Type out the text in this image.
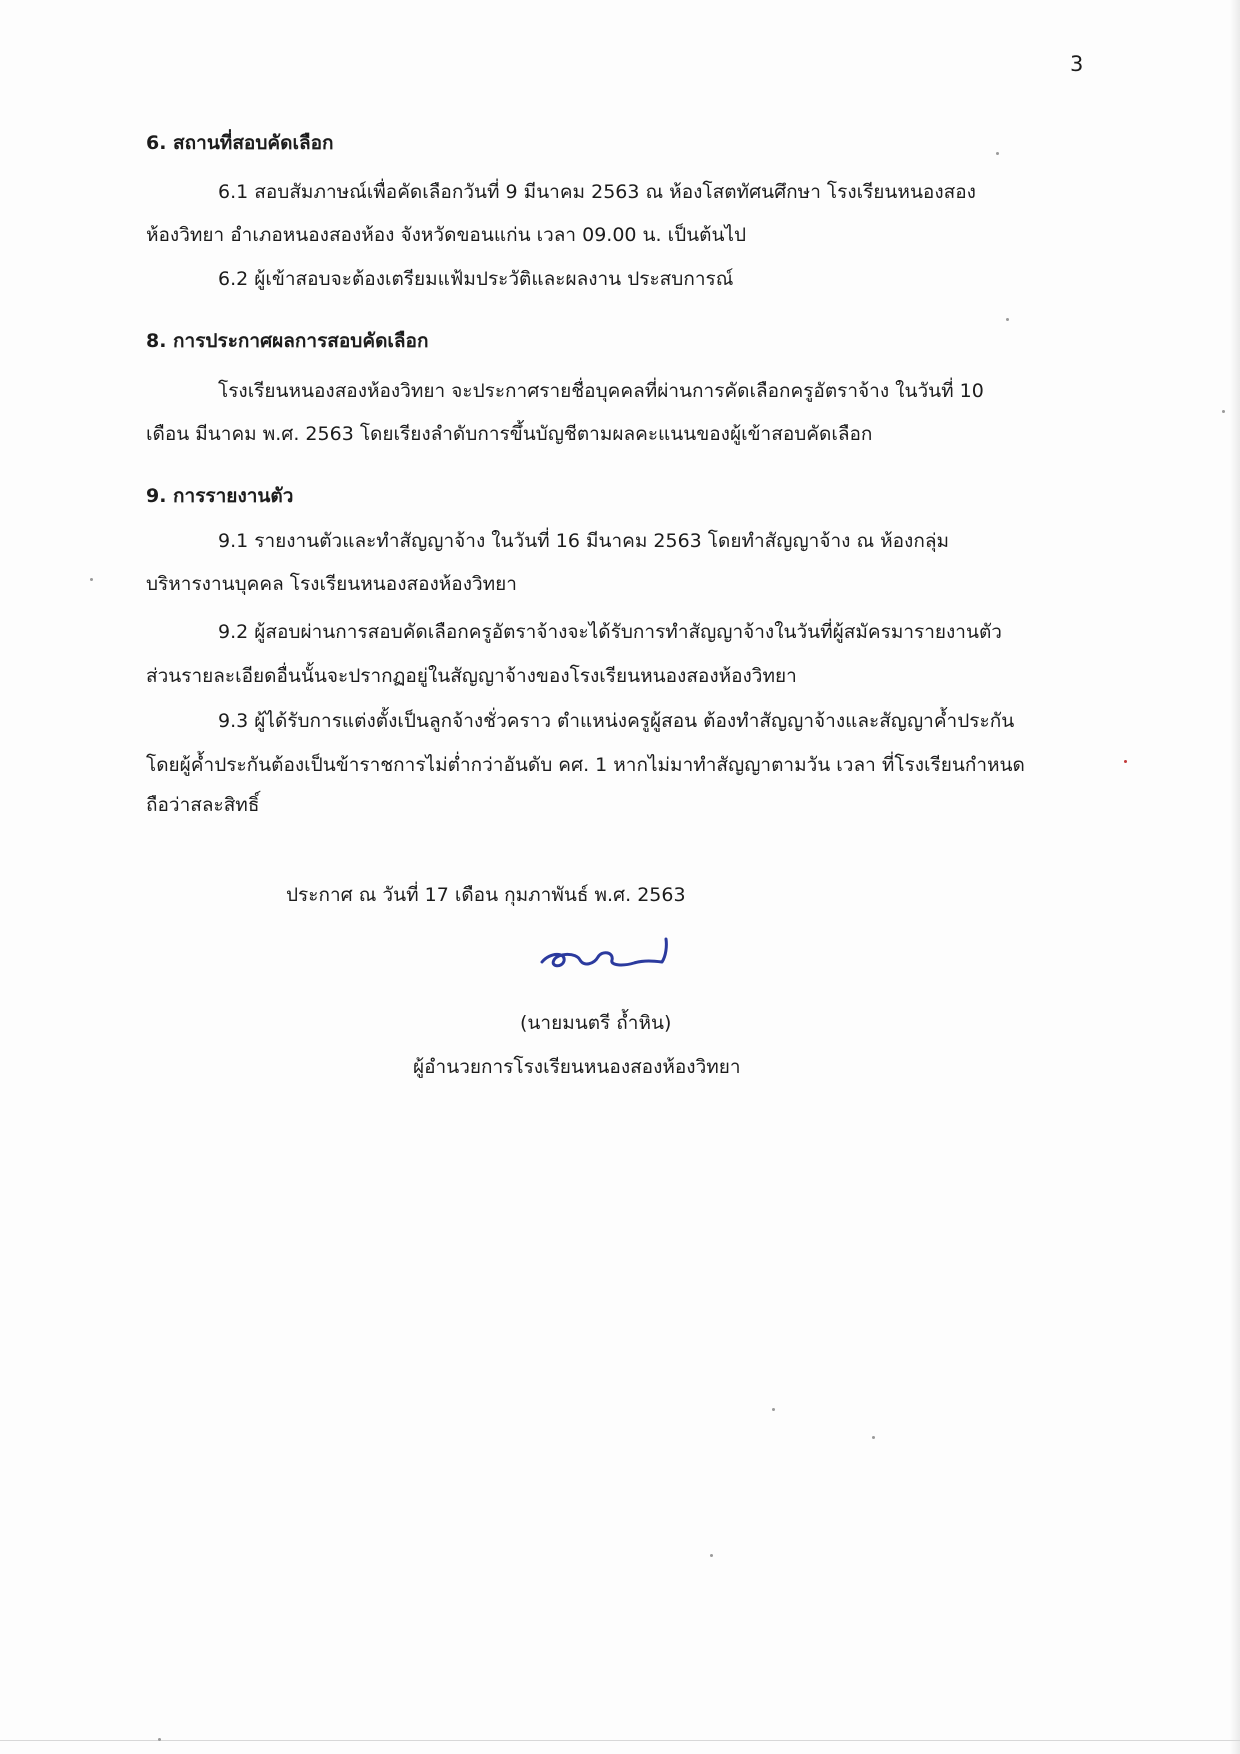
3
6. สถานที่สอบคัดเลือก
6.1 สอบสัมภาษณ์เพื่อคัดเลือกวันที่ 9 มีนาคม 2563 ณ ห้องโสตทัศนศึกษา โรงเรียนหนองสอง
ห้องวิทยา อำเภอหนองสองห้อง จังหวัดขอนแก่น เวลา 09.00 น. เป็นต้นไป
6.2 ผู้เข้าสอบจะต้องเตรียมแฟ้มประวัติและผลงาน ประสบการณ์
8. การประกาศผลการสอบคัดเลือก
โรงเรียนหนองสองห้องวิทยา จะประกาศรายชื่อบุคคลที่ผ่านการคัดเลือกครูอัตราจ้าง ในวันที่ 10
เดือน มีนาคม พ.ศ. 2563 โดยเรียงลำดับการขึ้นบัญชีตามผลคะแนนของผู้เข้าสอบคัดเลือก
9. การรายงานตัว
9.1 รายงานตัวและทำสัญญาจ้าง ในวันที่ 16 มีนาคม 2563 โดยทำสัญญาจ้าง ณ ห้องกลุ่ม
บริหารงานบุคคล โรงเรียนหนองสองห้องวิทยา
9.2 ผู้สอบผ่านการสอบคัดเลือกครูอัตราจ้างจะได้รับการทำสัญญาจ้างในวันที่ผู้สมัครมารายงานตัว
ส่วนรายละเอียดอื่นนั้นจะปรากฏอยู่ในสัญญาจ้างของโรงเรียนหนองสองห้องวิทยา
9.3 ผู้ได้รับการแต่งตั้งเป็นลูกจ้างชั่วคราว ตำแหน่งครูผู้สอน ต้องทำสัญญาจ้างและสัญญาค้ำประกัน
โดยผู้ค้ำประกันต้องเป็นข้าราชการไม่ต่ำกว่าอันดับ คศ. 1 หากไม่มาทำสัญญาตามวัน เวลา ที่โรงเรียนกำหนด
ถือว่าสละสิทธิ์
ประกาศ ณ วันที่ 17 เดือน กุมภาพันธ์ พ.ศ. 2563
(นายมนตรี ถ้ำหิน)
ผู้อำนวยการโรงเรียนหนองสองห้องวิทยา
